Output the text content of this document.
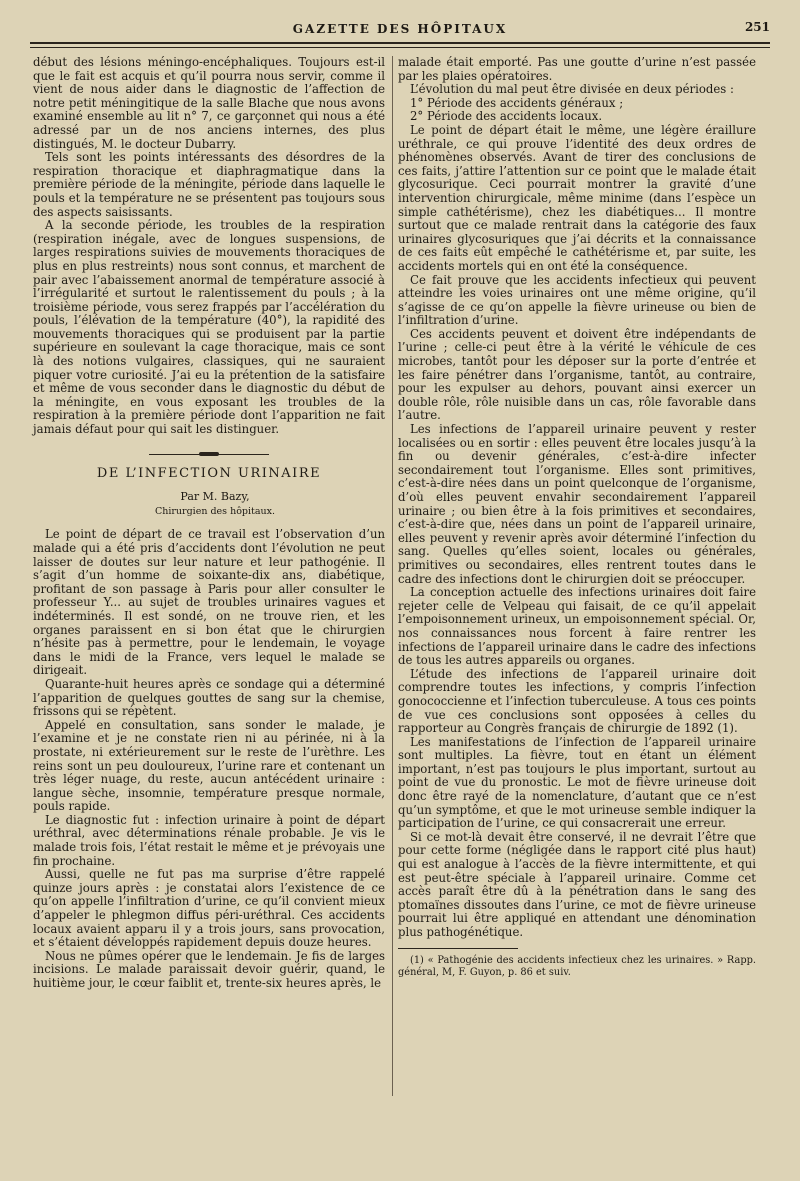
GAZETTE DES HÔPITAUX	251

début des lésions méningo-encéphaliques. Toujours est-il que le fait est acquis et qu’il pourra nous servir, comme il vient de nous aider dans le diagnostic de l’affection de notre petit méningitique de la salle Blache que nous avons examiné ensemble au lit n° 7, ce garçonnet qui nous a été adressé par un de nos anciens internes, des plus distingués, M. le docteur Dubarry.

Tels sont les points intéressants des désordres de la respiration thoracique et diaphragmatique dans la première période de la méningite, période dans laquelle le pouls et la température ne se présentent pas toujours sous des aspects saisissants.

A la seconde période, les troubles de la respiration (respiration inégale, avec de longues suspensions, de larges respirations suivies de mouvements thoraciques de plus en plus restreints) nous sont connus, et marchent de pair avec l’abaissement anormal de température associé à l’irrégularité et surtout le ralentissement du pouls ; à la troisième période, vous serez frappés par l’accélération du pouls, l’élévation de la température (40°), la rapidité des mouvements thoraciques qui se produisent par la partie supérieure en soulevant la cage thoracique, mais ce sont là des notions vulgaires, classiques, qui ne sauraient piquer votre curiosité. J’ai eu la prétention de la satisfaire et même de vous seconder dans le diagnostic du début de la méningite, en vous exposant les troubles de la respiration à la première période dont l’apparition ne fait jamais défaut pour qui sait les distinguer.

DE L’INFECTION URINAIRE

Par M. Bazy,

Chirurgien des hôpitaux.

Le point de départ de ce travail est l’observation d’un malade qui a été pris d’accidents dont l’évolution ne peut laisser de doutes sur leur nature et leur pathogénie. Il s’agit d’un homme de soixante-dix ans, diabétique, profitant de son passage à Paris pour aller consulter le professeur Y... au sujet de troubles urinaires vagues et indéterminés. Il est sondé, on ne trouve rien, et les organes paraissent en si bon état que le chirurgien n’hésite pas à permettre, pour le lendemain, le voyage dans le midi de la France, vers lequel le malade se dirigeait.

Quarante-huit heures après ce sondage qui a déterminé l’apparition de quelques gouttes de sang sur la chemise, frissons qui se répètent.

Appelé en consultation, sans sonder le malade, je l’examine et je ne constate rien ni au périnée, ni à la prostate, ni extérieurement sur le reste de l’urèthre. Les reins sont un peu douloureux, l’urine rare et contenant un très léger nuage, du reste, aucun antécédent urinaire : langue sèche, insomnie, température presque normale, pouls rapide.

Le diagnostic fut : infection urinaire à point de départ uréthral, avec déterminations rénale probable. Je vis le malade trois fois, l’état restait le même et je prévoyais une fin prochaine.

Aussi, quelle ne fut pas ma surprise d’être rappelé quinze jours après : je constatai alors l’existence de ce qu’on appelle l’infiltration d’urine, ce qu’il convient mieux d’appeler le phlegmon diffus péri-uréthral. Ces accidents locaux avaient apparu il y a trois jours, sans provocation, et s’étaient développés rapidement depuis douze heures.

Nous ne pûmes opérer que le lendemain. Je fis de larges incisions. Le malade paraissait devoir guérir, quand, le huitième jour, le cœur faiblit et, trente-six heures après, le

malade était emporté. Pas une goutte d’urine n’est passée par les plaies opératoires.

L’évolution du mal peut être divisée en deux périodes :

1° Période des accidents généraux ;

2° Période des accidents locaux.

Le point de départ était le même, une légère éraillure uréthrale, ce qui prouve l’identité des deux ordres de phénomènes observés. Avant de tirer des conclusions de ces faits, j’attire l’attention sur ce point que le malade était glycosurique. Ceci pourrait montrer la gravité d’une intervention chirurgicale, même minime (dans l’espèce un simple cathétérisme), chez les diabétiques... Il montre surtout que ce malade rentrait dans la catégorie des faux urinaires glycosuriques que j’ai décrits et la connaissance de ces faits eût empêché le cathétérisme et, par suite, les accidents mortels qui en ont été la conséquence.

Ce fait prouve que les accidents infectieux qui peuvent atteindre les voies urinaires ont une même origine, qu’il s’agisse de ce qu’on appelle la fièvre urineuse ou bien de l’infiltration d’urine.

Ces accidents peuvent et doivent être indépendants de l’urine ; celle-ci peut être à la vérité le véhicule de ces microbes, tantôt pour les déposer sur la porte d’entrée et les faire pénétrer dans l’organisme, tantôt, au contraire, pour les expulser au dehors, pouvant ainsi exercer un double rôle, rôle nuisible dans un cas, rôle favorable dans l’autre.

Les infections de l’appareil urinaire peuvent y rester localisées ou en sortir : elles peuvent être locales jusqu’à la fin ou devenir générales, c’est-à-dire infecter secondairement tout l’organisme. Elles sont primitives, c’est-à-dire nées dans un point quelconque de l’organisme, d’où elles peuvent envahir secondairement l’appareil urinaire ; ou bien être à la fois primitives et secondaires, c’est-à-dire que, nées dans un point de l’appareil urinaire, elles peuvent y revenir après avoir déterminé l’infection du sang. Quelles qu’elles soient, locales ou générales, primitives ou secondaires, elles rentrent toutes dans le cadre des infections dont le chirurgien doit se préoccuper.

La conception actuelle des infections urinaires doit faire rejeter celle de Velpeau qui faisait, de ce qu’il appelait l’empoisonnement urineux, un empoisonnement spécial. Or, nos connaissances nous forcent à faire rentrer les infections de l’appareil urinaire dans le cadre des infections de tous les autres appareils ou organes.

L’étude des infections de l’appareil urinaire doit comprendre toutes les infections, y compris l’infection gonococcienne et l’infection tuberculeuse. A tous ces points de vue ces conclusions sont opposées à celles du rapporteur au Congrès français de chirurgie de 1892 (1).

Les manifestations de l’infection de l’appareil urinaire sont multiples. La fièvre, tout en étant un élément important, n’est pas toujours le plus important, surtout au point de vue du pronostic. Le mot de fièvre urineuse doit donc être rayé de la nomenclature, d’autant que ce n’est qu’un symptôme, et que le mot urineuse semble indiquer la participation de l’urine, ce qui consacrerait une erreur.

Si ce mot-là devait être conservé, il ne devrait l’être que pour cette forme (négligée dans le rapport cité plus haut) qui est analogue à l’accès de la fièvre intermittente, et qui est peut-être spéciale à l’appareil urinaire. Comme cet accès paraît être dû à la pénétration dans le sang des ptomaïnes dissoutes dans l’urine, ce mot de fièvre urineuse pourrait lui être appliqué en attendant une dénomination plus pathogénétique.

(1) « Pathogénie des accidents infectieux chez les urinaires. » Rapp. général, M, F. Guyon, p. 86 et suiv.
